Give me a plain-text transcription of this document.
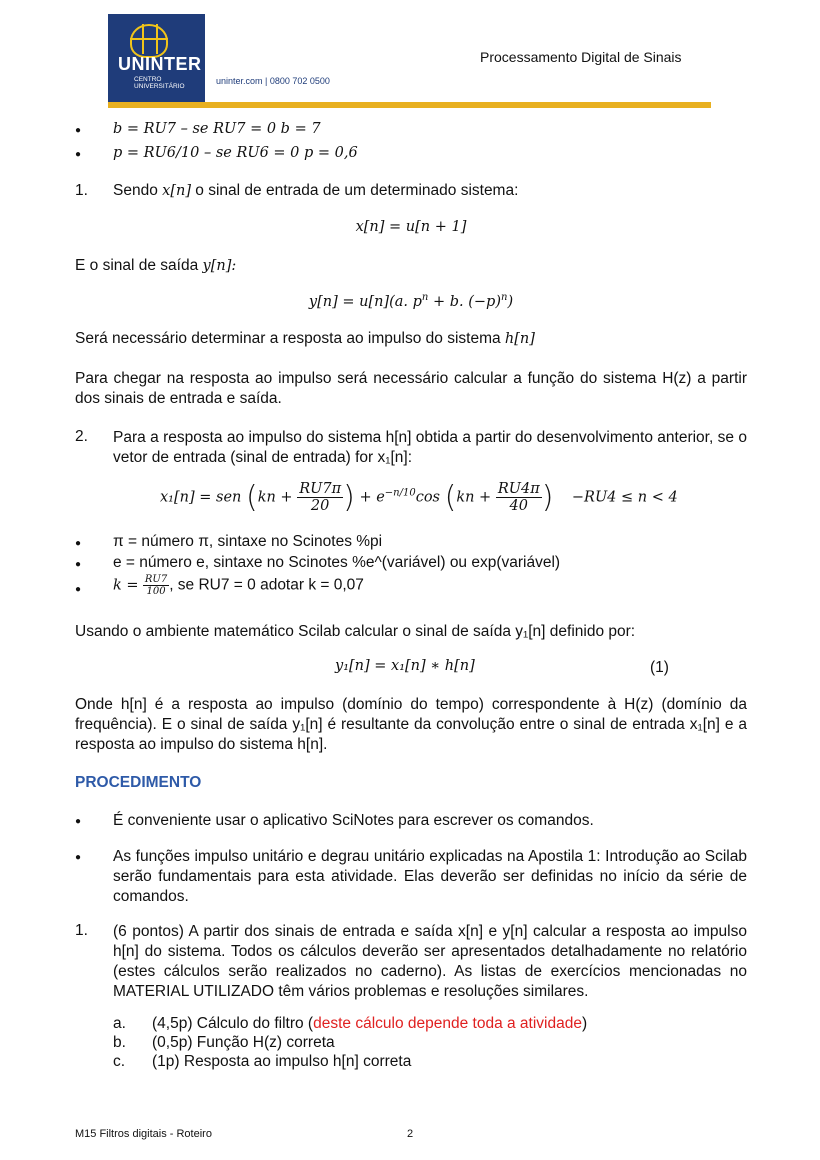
UNINTER
CENTRO
UNIVERSITÁRIO
uninter.com | 0800 702 0500
Processamento Digital de Sinais
● b = RU7 – se RU7 = 0 b = 7
● p = RU6/10 – se RU6 = 0 p = 0,6
1. Sendo x[n] o sinal de entrada de um determinado sistema:
x[n] = u[n + 1]
E o sinal de saída y[n]:
y[n] = u[n](a. $p^n + b$. $(-p)^n$)
Será necessário determinar a resposta ao impulso do sistema h[n]
Para chegar na resposta ao impulso será necessário calcular a função do sistema H(z) a partir dos sinais de entrada e saída.
2. Para a resposta ao impulso do sistema h[n] obtida a partir do desenvolvimento anterior, se o vetor de entrada (sinal de entrada) for x₁[n]:
x₁[n] = sen ($kn + \frac{RU7\pi}{20}$ ) + $e^{-n/10}\cos$ ($kn + \frac{RU4\pi}{40}$ ) −RU4 ≤ n < 4
● π = número π, sintaxe no Scinotes %pi
● e = número e, sintaxe no Scinotes %e^(variável) ou exp(variável)
● $k = \frac{RU7}{100}$ , se RU7 = 0 adotar k = 0,07
Usando o ambiente matemático Scilab calcular o sinal de saída y₁[n] definido por:
y₁[n] = x₁[n] ∗ h[n]	(1)
Onde h[n] é a resposta ao impulso (domínio do tempo) correspondente à H(z) (domínio da frequência). E o sinal de saída y₁[n] é resultante da convolução entre o sinal de entrada x₁[n] e a resposta ao impulso do sistema h[n].
PROCEDIMENTO
● É conveniente usar o aplicativo SciNotes para escrever os comandos.
● As funções impulso unitário e degrau unitário explicadas na Apostila 1: Introdução ao Scilab serão fundamentais para esta atividade. Elas deverão ser definidas no início da série de comandos.
1. (6 pontos) A partir dos sinais de entrada e saída x[n] e y[n] calcular a resposta ao impulso h[n] do sistema. Todos os cálculos deverão ser apresentados detalhadamente no relatório (estes cálculos serão realizados no caderno). As listas de exercícios mencionadas no MATERIAL UTILIZADO têm vários problemas e resoluções similares.
a. (4,5p) Cálculo do filtro (deste cálculo depende toda a atividade)
b. (0,5p) Função H(z) correta
c. (1p) Resposta ao impulso h[n] correta
M15 Filtros digitais - Roteiro	2
